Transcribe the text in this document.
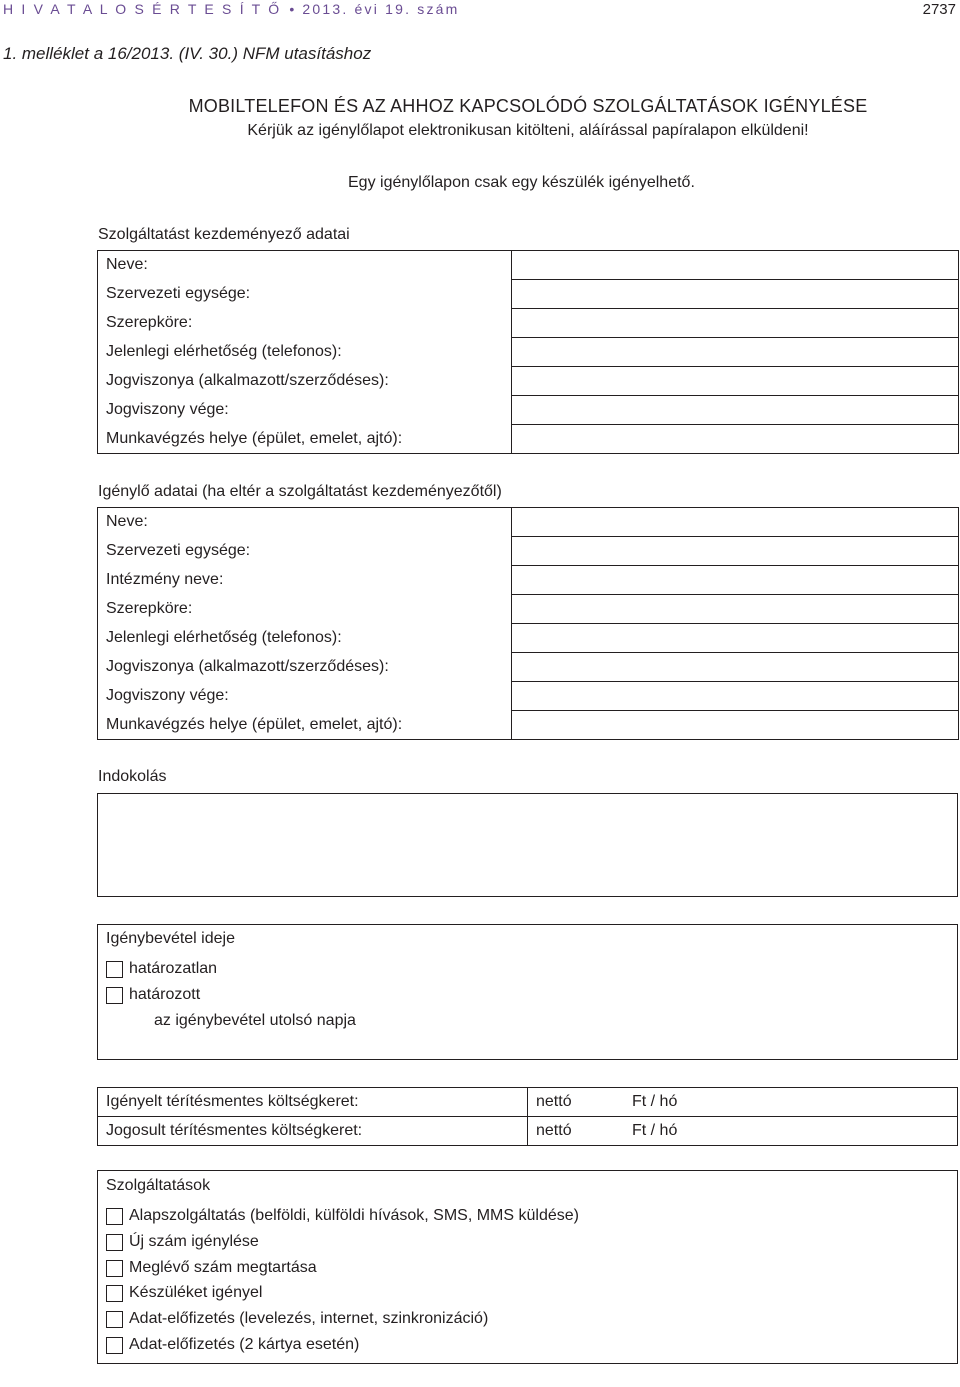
H I V A T A L O S É R T E S Í T Ő • 2013. évi 19. szám	2737
1. melléklet a 16/2013. (IV. 30.) NFM utasításhoz
MOBILTELEFON ÉS AZ AHHOZ KAPCSOLÓDÓ SZOLGÁLTATÁSOK IGÉNYLÉSE
Kérjük az igénylőlapot elektronikusan kitölteni, aláírással papíralapon elküldeni!
Egy igénylőlapon csak egy készülék igényelhető.
Szolgáltatást kezdeményező adatai
Neve:	
Szervezeti egysége:	
Szerepköre:	
Jelenlegi elérhetőség (telefonos):	
Jogviszonya (alkalmazott/szerződéses):	
Jogviszony vége:	
Munkavégzés helye (épület, emelet, ajtó):	
Igénylő adatai (ha eltér a szolgáltatást kezdeményezőtől)
Neve:	
Szervezeti egysége:	
Intézmény neve:	
Szerepköre:	
Jelenlegi elérhetőség (telefonos):	
Jogviszonya (alkalmazott/szerződéses):	
Jogviszony vége:	
Munkavégzés helye (épület, emelet, ajtó):	
Indokolás
Igénybevétel ideje
határozatlan
határozott
az igénybevétel utolsó napja
Igényelt térítésmentes költségkeret:	nettó Ft / hó
Jogosult térítésmentes költségkeret:	nettó Ft / hó
Szolgáltatások
Alapszolgáltatás (belföldi, külföldi hívások, SMS, MMS küldése)
Új szám igénylése
Meglévő szám megtartása
Készüléket igényel
Adat-előfizetés (levelezés, internet, szinkronizáció)
Adat-előfizetés (2 kártya esetén)
